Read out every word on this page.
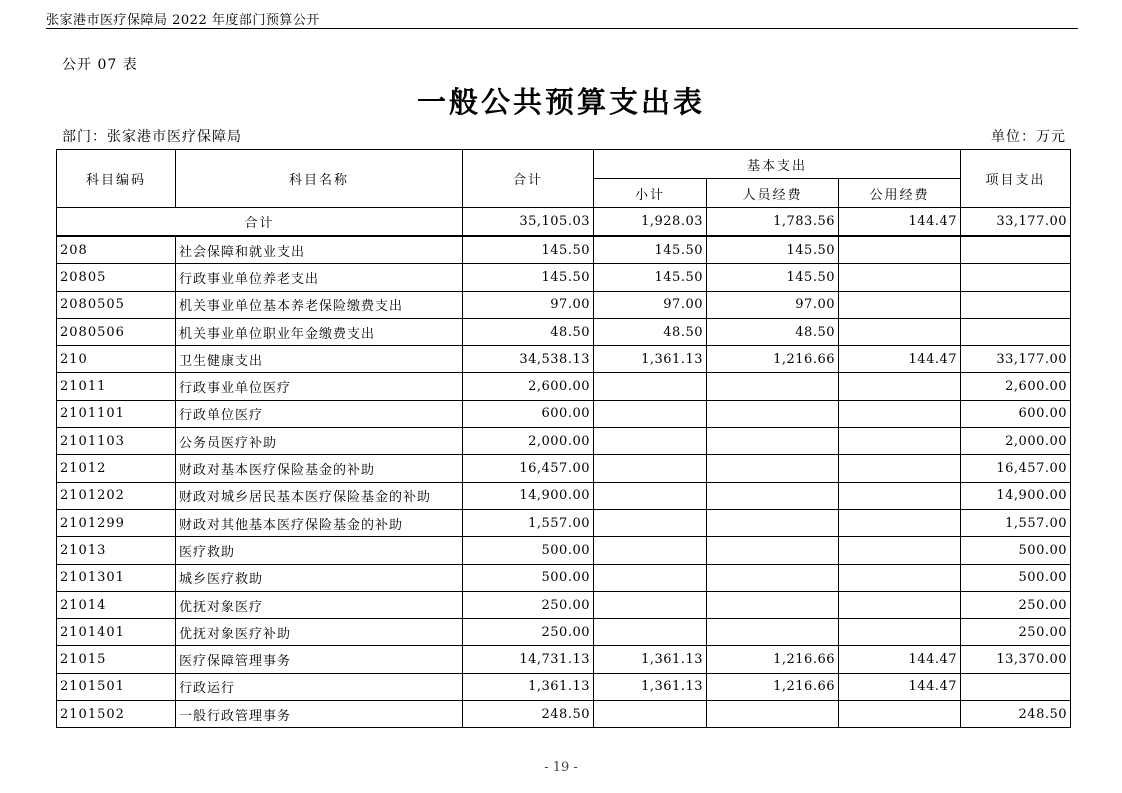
张家港市医疗保障局 2022 年度部门预算公开
公开 07 表
一般公共预算支出表
部门：张家港市医疗保障局	单位：万元
科目编码	科目名称	合计	基本支出			项目支出
			小计	人员经费	公用经费	
合计		35,105.03	1,928.03	1,783.56	144.47	33,177.00
208	社会保障和就业支出	145.50	145.50	145.50		
20805	行政事业单位养老支出	145.50	145.50	145.50		
2080505	机关事业单位基本养老保险缴费支出	97.00	97.00	97.00		
2080506	机关事业单位职业年金缴费支出	48.50	48.50	48.50		
210	卫生健康支出	34,538.13	1,361.13	1,216.66	144.47	33,177.00
21011	行政事业单位医疗	2,600.00				2,600.00
2101101	行政单位医疗	600.00				600.00
2101103	公务员医疗补助	2,000.00				2,000.00
21012	财政对基本医疗保险基金的补助	16,457.00				16,457.00
2101202	财政对城乡居民基本医疗保险基金的补助	14,900.00				14,900.00
2101299	财政对其他基本医疗保险基金的补助	1,557.00				1,557.00
21013	医疗救助	500.00				500.00
2101301	城乡医疗救助	500.00				500.00
21014	优抚对象医疗	250.00				250.00
2101401	优抚对象医疗补助	250.00				250.00
21015	医疗保障管理事务	14,731.13	1,361.13	1,216.66	144.47	13,370.00
2101501	行政运行	1,361.13	1,361.13	1,216.66	144.47	
2101502	一般行政管理事务	248.50				248.50
- 19 -
